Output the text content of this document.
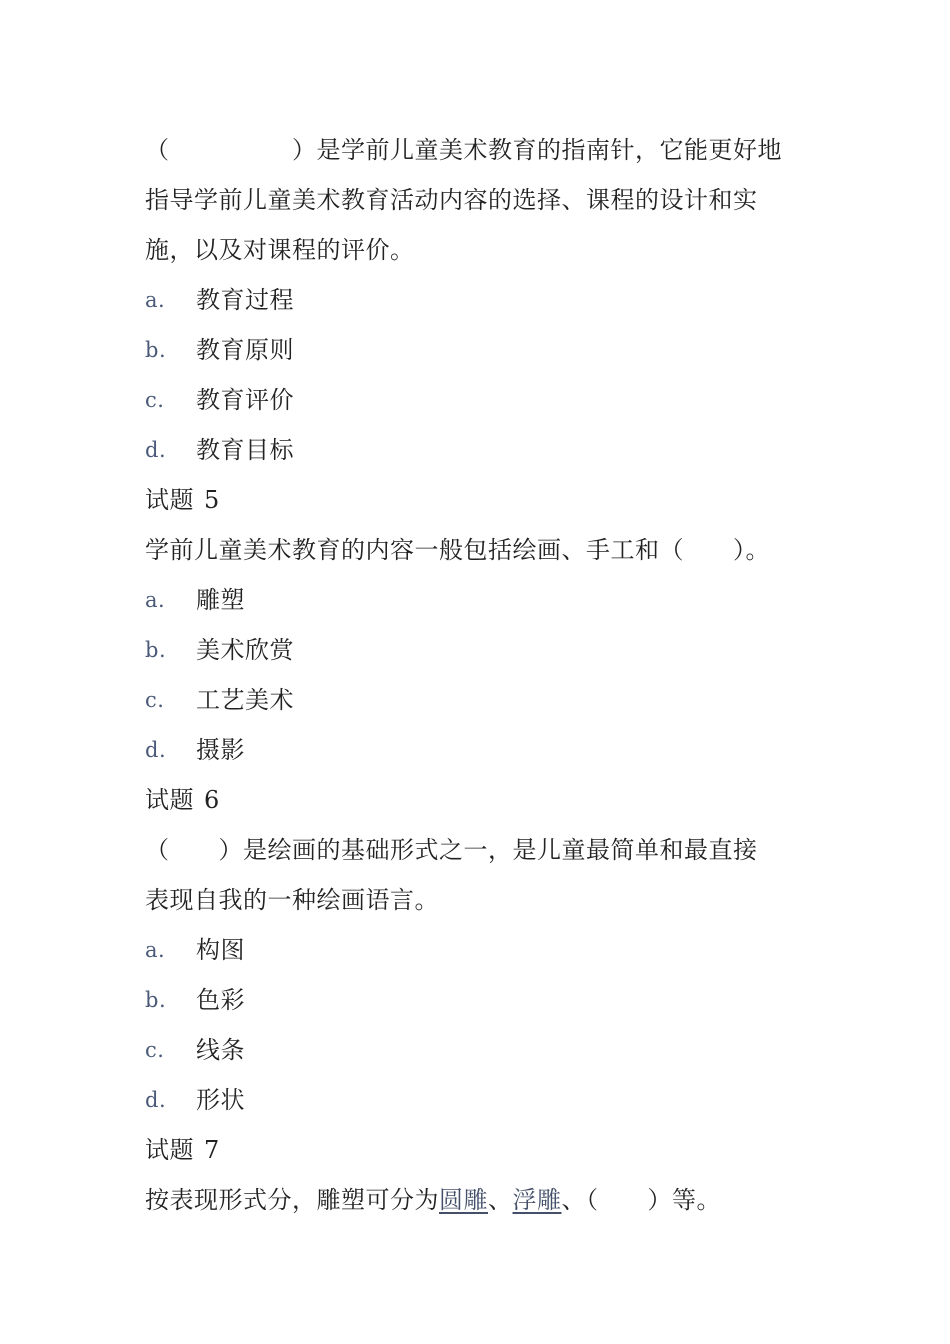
（　　　　　）是学前儿童美术教育的指南针，它能更好地
指导学前儿童美术教育活动内容的选择、课程的设计和实
施，以及对课程的评价。
a.	教育过程
b.	教育原则
c.	教育评价
d.	教育目标
试题 5
学前儿童美术教育的内容一般包括绘画、手工和（　　）。
a.	雕塑
b.	美术欣赏
c.	工艺美术
d.	摄影
试题 6
（　　）是绘画的基础形式之一，是儿童最简单和最直接
表现自我的一种绘画语言。
a.	构图
b.	色彩
c.	线条
d.	形状
试题 7
按表现形式分，雕塑可分为圆雕、浮雕、（　　）等。
